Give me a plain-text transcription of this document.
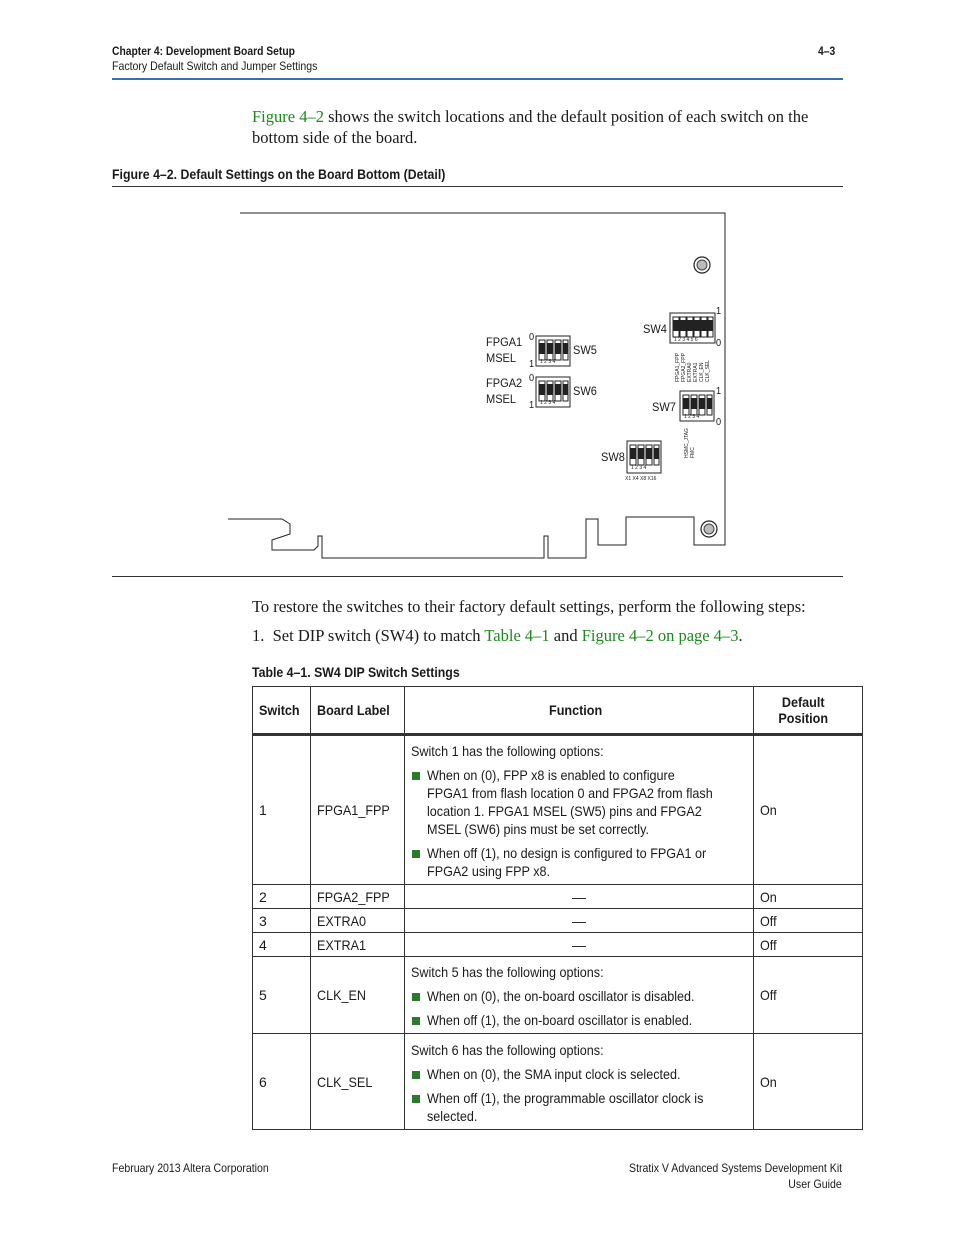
Chapter 4: Development Board Setup
Factory Default Switch and Jumper Settings
4–3
Figure 4–2 shows the switch locations and the default position of each switch on the bottom side of the board.
Figure 4–2. Default Settings on the Board Bottom (Detail)
FPGA1
MSEL
FPGA2
MSEL
SW5
SW6
SW4
SW7
SW8
0
1
0
1
1
0
1
0
1 2 3 4
1 2 3 4
1 2 3 4 5 6
1 2 3 4
1 2 3 4
X1 X4 X8 X16
FPGA1_FPP FPGA2_FPP EXTRA0 EXTRA1 CLK_EN CLK_SEL
HSMC_JTAG FMC
To restore the switches to their factory default settings, perform the following steps:
1. Set DIP switch (SW4) to match Table 4–1 and Figure 4–2 on page 4–3.
Table 4–1. SW4 DIP Switch Settings
Switch	Board Label	Function	Default Position
1	FPGA1_FPP	Switch 1 has the following options:
When on (0), FPP x8 is enabled to configure FPGA1 from flash location 0 and FPGA2 from flash location 1. FPGA1 MSEL (SW5) pins and FPGA2 MSEL (SW6) pins must be set correctly.
When off (1), no design is configured to FPGA1 or FPGA2 using FPP x8.	On
2	FPGA2_FPP	—	On
3	EXTRA0	—	Off
4	EXTRA1	—	Off
5	CLK_EN	Switch 5 has the following options:
When on (0), the on-board oscillator is disabled.
When off (1), the on-board oscillator is enabled.	Off
6	CLK_SEL	Switch 6 has the following options:
When on (0), the SMA input clock is selected.
When off (1), the programmable oscillator clock is selected.	On
February 2013 Altera Corporation	Stratix V Advanced Systems Development Kit
User Guide
